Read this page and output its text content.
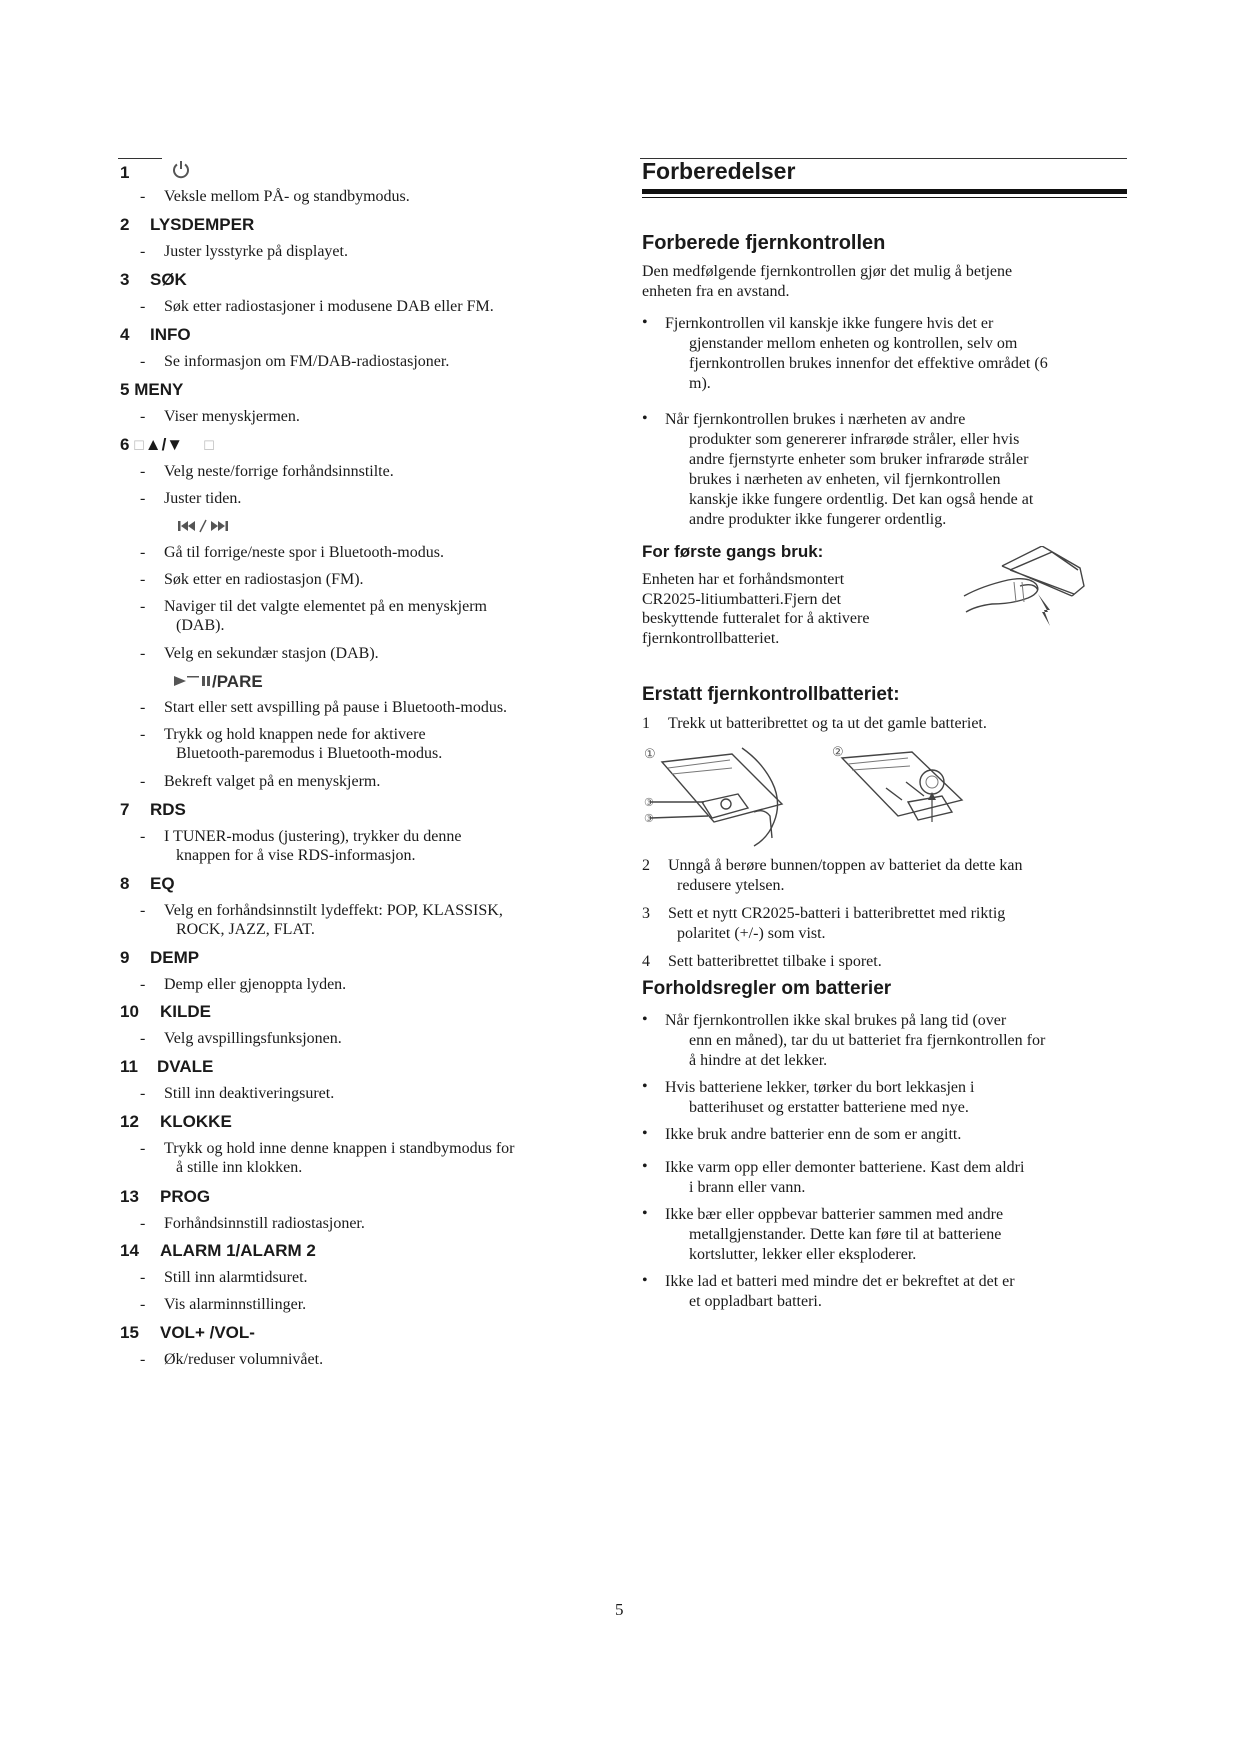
1
-	Veksle mellom PÅ- og standbymodus.
2 LYSDEMPER
-	Juster lysstyrke på displayet.
3 SØK
-	Søk etter radiostasjoner i modusene DAB eller FM.
4 INFO
-	Se informasjon om FM/DAB-radiostasjoner.
5 MENY
-	Viser menyskjermen.
6 ☐▲/▼ ☐
-	Velg neste/forrige forhåndsinnstilte.
-	Juster tiden.
-	Gå til forrige/neste spor i Bluetooth-modus.
-	Søk etter en radiostasjon (FM).
-	Naviger til det valgte elementet på en menyskjerm
(DAB).
-	Velg en sekundær stasjon (DAB).
/PARE
-	Start eller sett avspilling på pause i Bluetooth-modus.
-	Trykk og hold knappen nede for aktivere
Bluetooth-paremodus i Bluetooth-modus.
-	Bekreft valget på en menyskjerm.
7 RDS
-	I TUNER-modus (justering), trykker du denne
knappen for å vise RDS-informasjon.
8 EQ
-	Velg en forhåndsinnstilt lydeffekt: POP, KLASSISK,
ROCK, JAZZ, FLAT.
9 DEMP
-	Demp eller gjenoppta lyden.
10 KILDE
-	Velg avspillingsfunksjonen.
11 DVALE
-	Still inn deaktiveringsuret.
12 KLOKKE
-	Trykk og hold inne denne knappen i standbymodus for
å stille inn klokken.
13 PROG
-	Forhåndsinnstill radiostasjoner.
14 ALARM 1/ALARM 2
-	Still inn alarmtidsuret.
-	Vis alarminnstillinger.
15 VOL+ /VOL-
-	Øk/reduser volumnivået.
Forberedelser
Forberede fjernkontrollen
Den medfølgende fjernkontrollen gjør det mulig å betjene
enheten fra en avstand.
•	Fjernkontrollen vil kanskje ikke fungere hvis det er
gjenstander mellom enheten og kontrollen, selv om
fjernkontrollen brukes innenfor det effektive området (6
m).
•	Når fjernkontrollen brukes i nærheten av andre
produkter som genererer infrarøde stråler, eller hvis
andre fjernstyrte enheter som bruker infrarøde stråler
brukes i nærheten av enheten, vil fjernkontrollen
kanskje ikke fungere ordentlig. Det kan også hende at
andre produkter ikke fungerer ordentlig.
For første gangs bruk:
Enheten har et forhåndsmontert
CR2025-litiumbatteri.Fjern det
beskyttende futteralet for å aktivere
fjernkontrollbatteriet.
Erstatt fjernkontrollbatteriet:
1	Trekk ut batteribrettet og ta ut det gamle batteriet.
①	②
③
③
2	Unngå å berøre bunnen/toppen av batteriet da dette kan
redusere ytelsen.
3	Sett et nytt CR2025-batteri i batteribrettet med riktig
polaritet (+/-) som vist.
4	Sett batteribrettet tilbake i sporet.
Forholdsregler om batterier
•	Når fjernkontrollen ikke skal brukes på lang tid (over
enn en måned), tar du ut batteriet fra fjernkontrollen for
å hindre at det lekker.
•	Hvis batteriene lekker, tørker du bort lekkasjen i
batterihuset og erstatter batteriene med nye.
•	Ikke bruk andre batterier enn de som er angitt.
•	Ikke varm opp eller demonter batteriene. Kast dem aldri
i brann eller vann.
•	Ikke bær eller oppbevar batterier sammen med andre
metallgjenstander. Dette kan føre til at batteriene
kortslutter, lekker eller eksploderer.
•	Ikke lad et batteri med mindre det er bekreftet at det er
et oppladbart batteri.
5
